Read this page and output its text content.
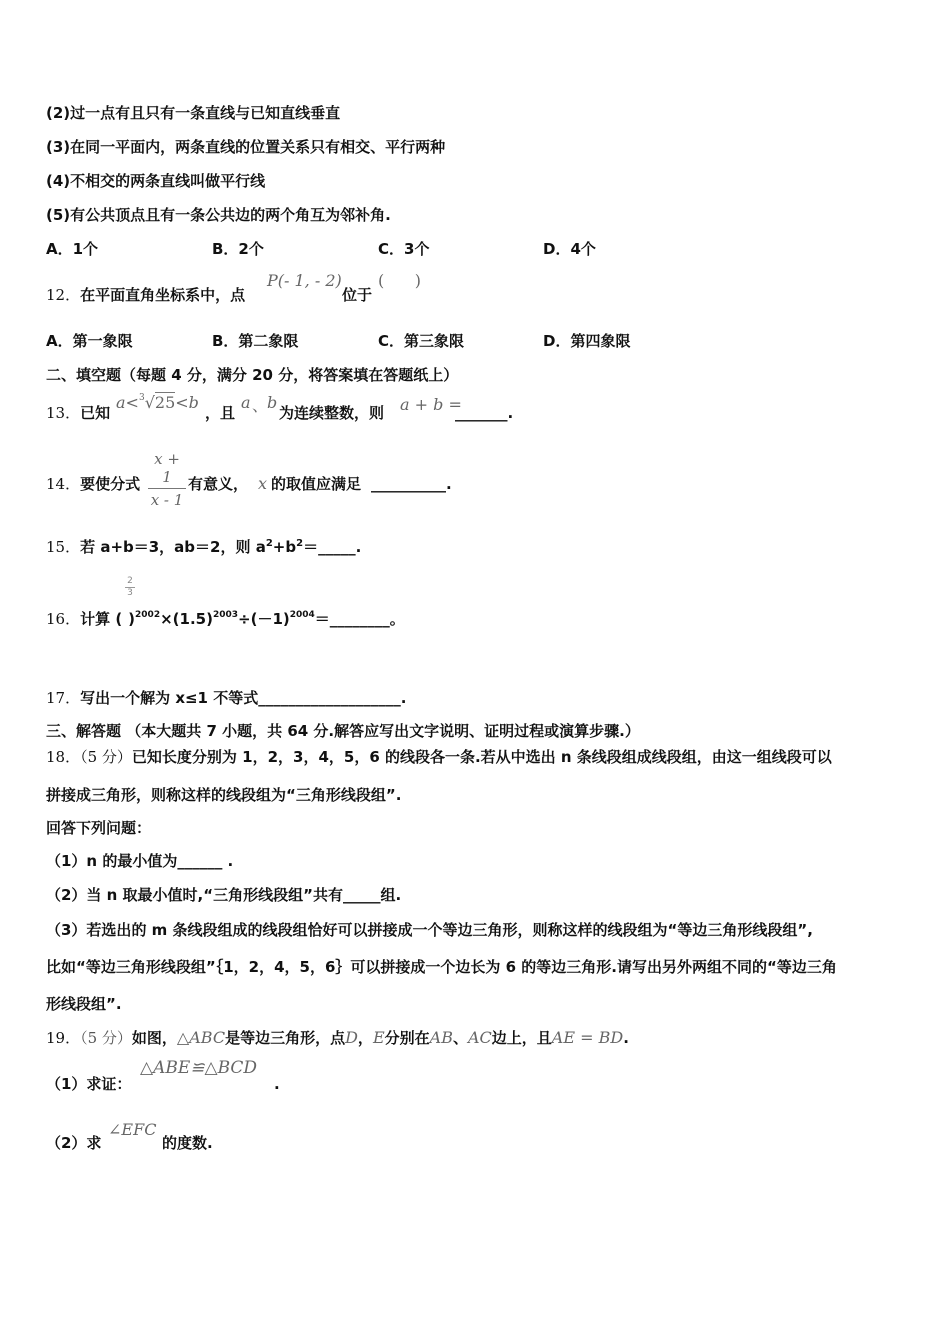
(2)过一点有且只有一条直线与已知直线垂直
(3)在同一平面内，两条直线的位置关系只有相交、平行两种
(4)不相交的两条直线叫做平行线
(5)有公共顶点且有一条公共边的两个角互为邻补角.
A．1个	B．2个	C．3个	D．4个
12．在平面直角坐标系中，点
P(- 1, - 2)
位于
(      )
A．第一象限	B．第二象限	C．第三象限	D．第四象限
二、填空题（每题 4 分，满分 20 分，将答案填在答题纸上）
13．已知
a<$^3$√25<b
，且
a 、
b
为连续整数，则 a + b =
_______.
14．要使分式
x + 1
x - 1
有意义， x 的取值应满足 __________.
15．若 a+b＝3，ab＝2，则 $a^2+b^2=\_\_\_\_\_$.
2
3
16．计算 ( )$^{2002}\times(1.5)^{2003}\div(-1)^{2004}=\_\_\_\_\_\_\_\_$。
17．写出一个解为 x≤1 不等式___________________.
三、解答题 （本大题共 7 小题，共 64 分.解答应写出文字说明、证明过程或演算步骤.）
18．（5 分）已知长度分别为 1，2，3，4，5，6 的线段各一条.若从中选出 n 条线段组成线段组，由这一组线段可以
拼接成三角形，则称这样的线段组为“三角形线段组”.
回答下列问题：
（1）n 的最小值为______ .
（2）当 n 取最小值时,“三角形线段组”共有_____组.
（3）若选出的 m 条线段组成的线段组恰好可以拼接成一个等边三角形，则称这样的线段组为“等边三角形线段组”,
比如“等边三角形线段组”｛1，2，4，5，6｝可以拼接成一个边长为 6 的等边三角形.请写出另外两组不同的“等边三角
形线段组”.
19．（5 分）如图，△ABC是等边三角形，点D，E分别在AB、AC边上，且AE = BD.
（1）求证：
△ABE≌△BCD
.
（2）求
∠EFC
的度数.
